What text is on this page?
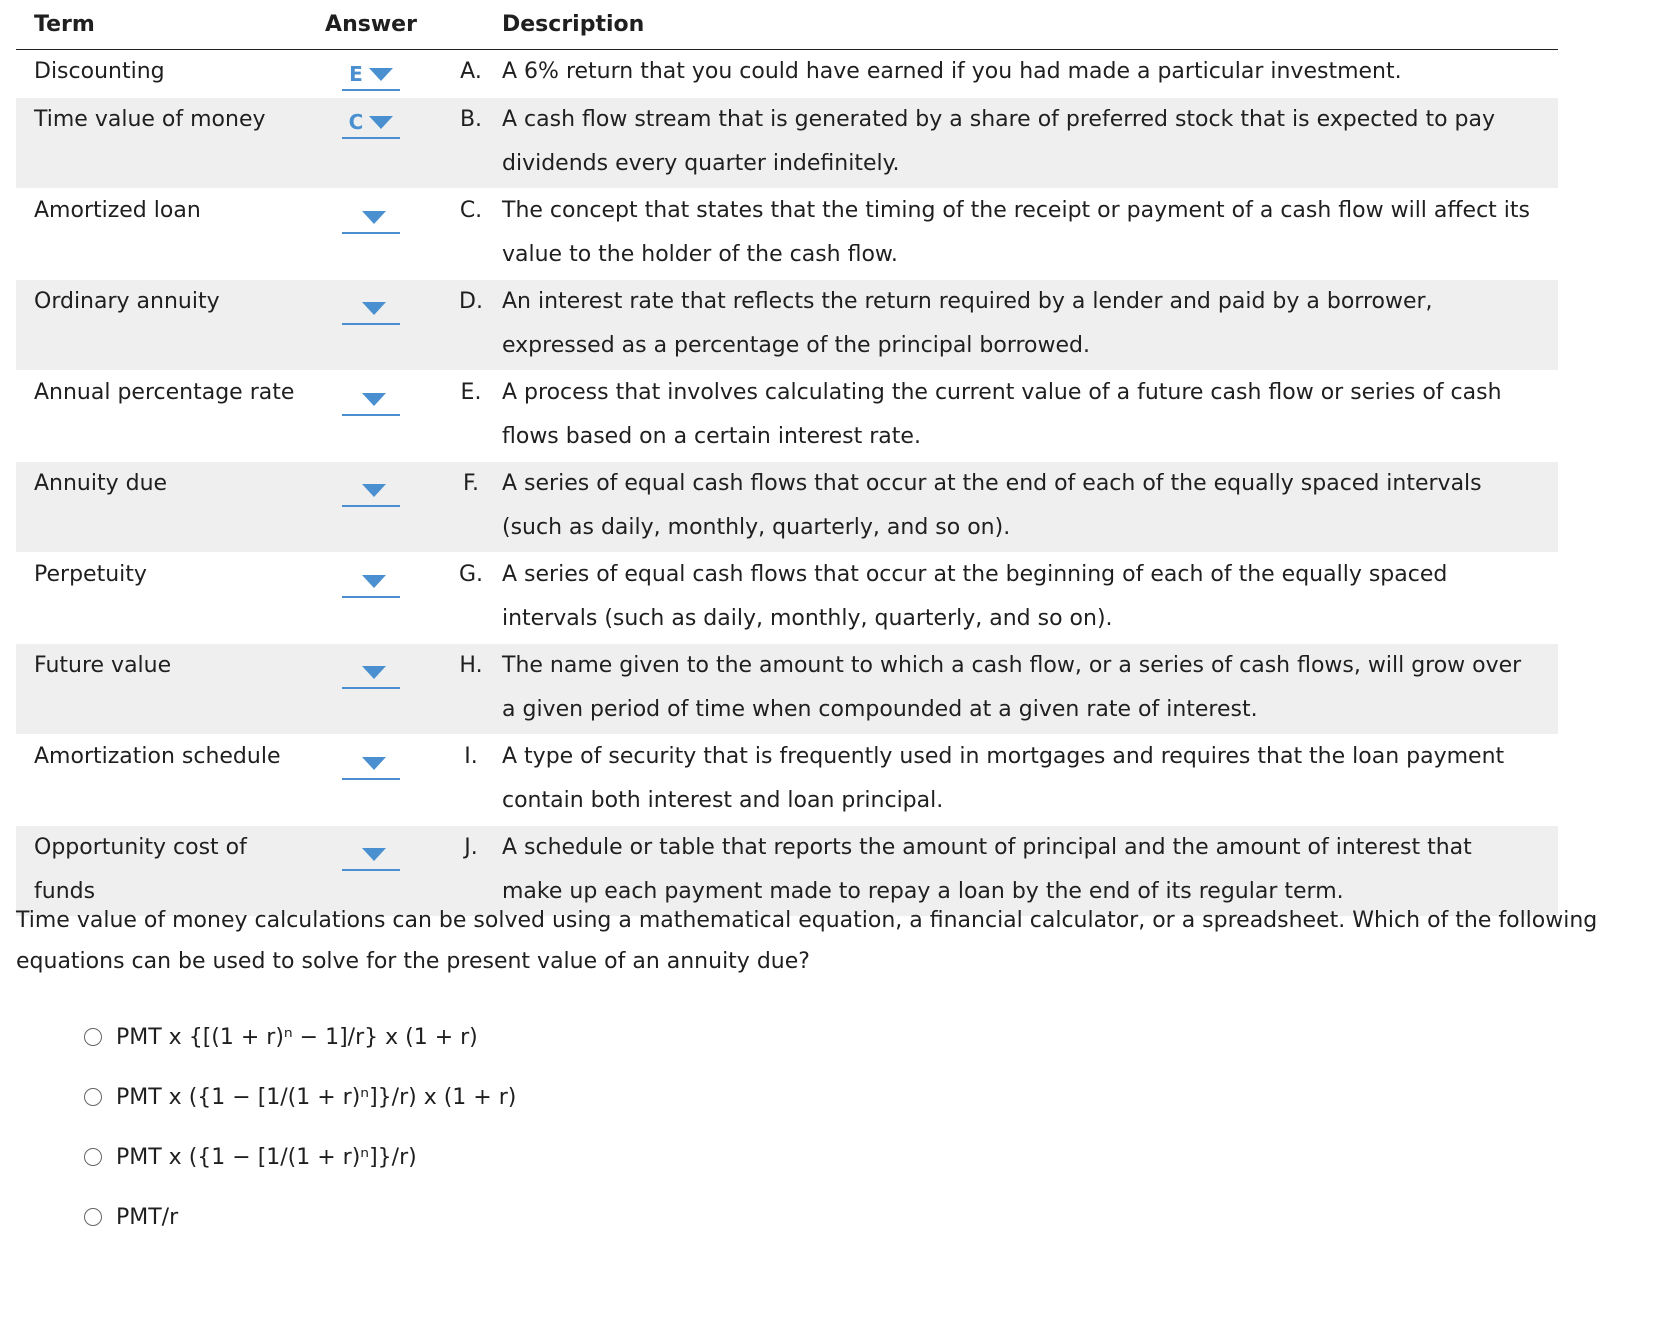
Term	Answer		Description
Discounting	E	A.	A 6% return that you could have earned if you had made a particular investment.
Time value of money	C	B.	A cash flow stream that is generated by a share of preferred stock that is expected to pay dividends every quarter indefinitely.
Amortized loan		C.	The concept that states that the timing of the receipt or payment of a cash flow will affect its value to the holder of the cash flow.
Ordinary annuity		D.	An interest rate that reflects the return required by a lender and paid by a borrower, expressed as a percentage of the principal borrowed.
Annual percentage rate		E.	A process that involves calculating the current value of a future cash flow or series of cash flows based on a certain interest rate.
Annuity due		F.	A series of equal cash flows that occur at the end of each of the equally spaced intervals (such as daily, monthly, quarterly, and so on).
Perpetuity		G.	A series of equal cash flows that occur at the beginning of each of the equally spaced intervals (such as daily, monthly, quarterly, and so on).
Future value		H.	The name given to the amount to which a cash flow, or a series of cash flows, will grow over a given period of time when compounded at a given rate of interest.
Amortization schedule		I.	A type of security that is frequently used in mortgages and requires that the loan payment contain both interest and loan principal.
Opportunity cost of funds		J.	A schedule or table that reports the amount of principal and the amount of interest that make up each payment made to repay a loan by the end of its regular term.
Time value of money calculations can be solved using a mathematical equation, a financial calculator, or a spreadsheet. Which of the following equations can be used to solve for the present value of an annuity due?
PMT x {[(1 + r)ⁿ − 1]/r} x (1 + r)
PMT x ({1 − [1/(1 + r)ⁿ]}/r) x (1 + r)
PMT x ({1 − [1/(1 + r)ⁿ]}/r)
PMT/r
